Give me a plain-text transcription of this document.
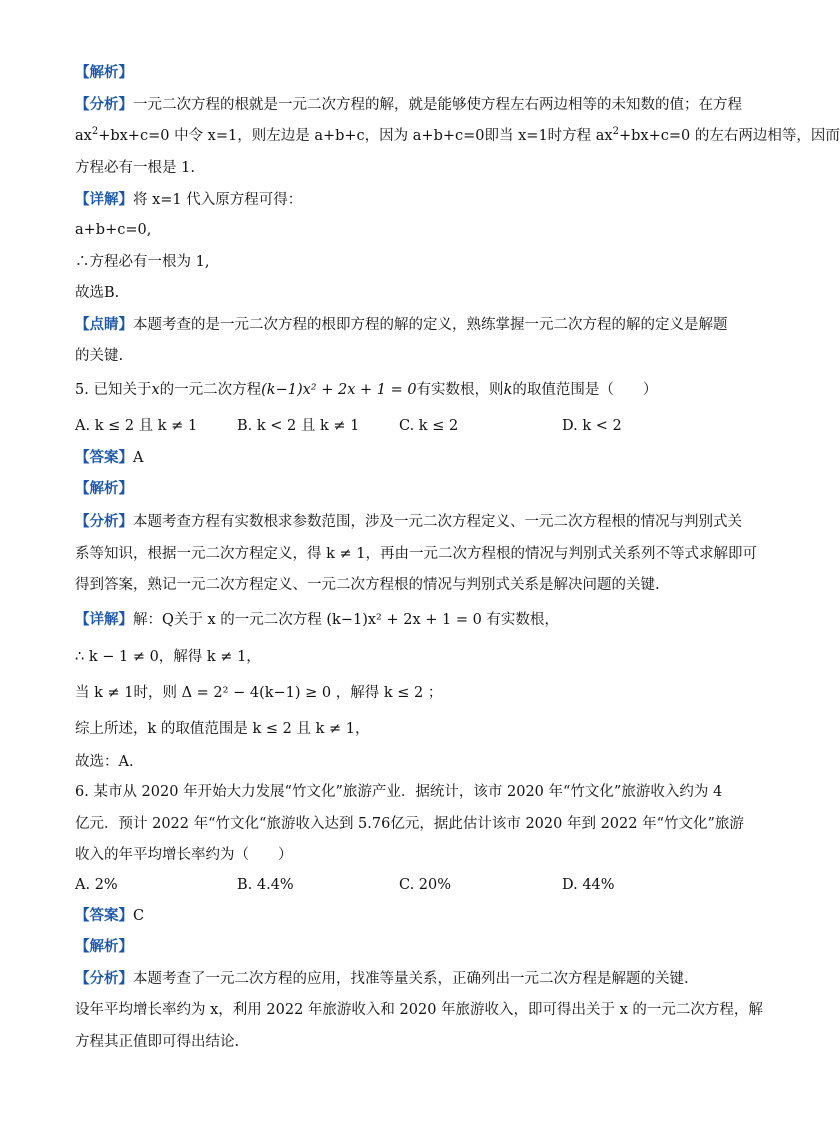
【解析】
【分析】一元二次方程的根就是一元二次方程的解，就是能够使方程左右两边相等的未知数的值；在方程
$ax^2+bx+c=0$ 中令 x=1，则左边是 a+b+c，因为 a+b+c=0即当 x=1时方程 $ax^2+bx+c=0$ 的左右两边相等，因而
方程必有一根是 1.
【详解】将 x=1 代入原方程可得：
a+b+c=0,
∴方程必有一根为 1,
故选B.
【点睛】本题考查的是一元二次方程的根即方程的解的定义，熟练掌握一元二次方程的解的定义是解题
的关键.
5. 已知关于x的一元二次方程(k−1)x² + 2x + 1 = 0有实数根，则k的取值范围是（　　）
A. k ≤ 2 且 k ≠ 1	B. k < 2 且 k ≠ 1	C. k ≤ 2	D. k < 2
【答案】A
【解析】
【分析】本题考查方程有实数根求参数范围，涉及一元二次方程定义、一元二次方程根的情况与判别式关
系等知识，根据一元二次方程定义，得 k ≠ 1，再由一元二次方程根的情况与判别式关系列不等式求解即可
得到答案，熟记一元二次方程定义、一元二次方程根的情况与判别式关系是解决问题的关键.
【详解】解：Q关于 x 的一元二次方程 (k−1)x² + 2x + 1 = 0 有实数根，
∴ k − 1 ≠ 0，解得 k ≠ 1，
当 k ≠ 1时，则 Δ = 2² − 4(k−1) ≥ 0 ，解得 k ≤ 2 ；
综上所述，k 的取值范围是 k ≤ 2 且 k ≠ 1，
故选：A.
6. 某市从 2020 年开始大力发展“竹文化”旅游产业．据统计，该市 2020 年“竹文化”旅游收入约为 4
亿元．预计 2022 年“竹文化“旅游收入达到 5.76亿元，据此估计该市 2020 年到 2022 年“竹文化”旅游
收入的年平均增长率约为（　　）
A. 2%	B. 4.4%	C. 20%	D. 44%
【答案】C
【解析】
【分析】本题考查了一元二次方程的应用，找准等量关系，正确列出一元二次方程是解题的关键.
设年平均增长率约为 x，利用 2022 年旅游收入和 2020 年旅游收入，即可得出关于 x 的一元二次方程，解
方程其正值即可得出结论.
